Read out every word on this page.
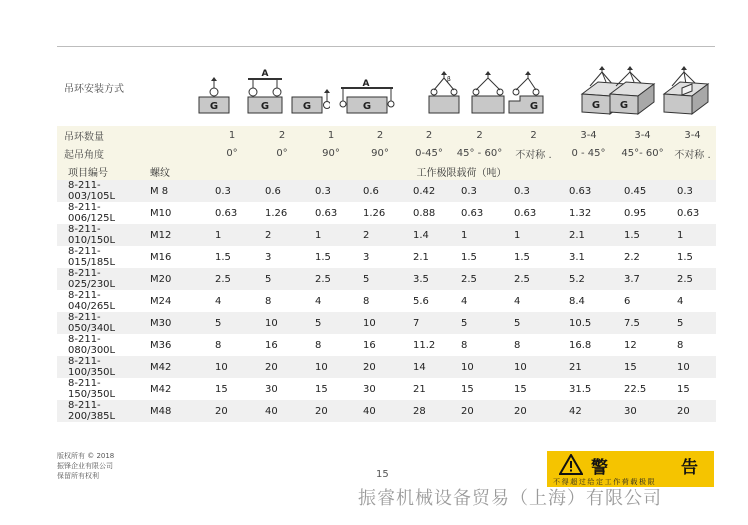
吊环安装方式
G
A
G	G
A
G
β
G	G G
吊环数量		1	2	1	2	2	2	2	3-4	3-4	3-4
起吊角度		0°	0°	90°	90°	0-45°	45° - 60°	不对称 .	0 - 45°	45°- 60°	不对称 .
项目编号	螺纹	工作极限载荷（吨）									
8-211-003/105L	M 8	0.3	0.6	0.3	0.6	0.42	0.3	0.3	0.63	0.45	0.3
8-211-006/125L	M10	0.63	1.26	0.63	1.26	0.88	0.63	0.63	1.32	0.95	0.63
8-211-010/150L	M12	1	2	1	2	1.4	1	1	2.1	1.5	1
8-211-015/185L	M16	1.5	3	1.5	3	2.1	1.5	1.5	3.1	2.2	1.5
8-211-025/230L	M20	2.5	5	2.5	5	3.5	2.5	2.5	5.2	3.7	2.5
8-211-040/265L	M24	4	8	4	8	5.6	4	4	8.4	6	4
8-211-050/340L	M30	5	10	5	10	7	5	5	10.5	7.5	5
8-211-080/300L	M36	8	16	8	16	11.2	8	8	16.8	12	8
8-211-100/350L	M42	10	20	10	20	14	10	10	21	15	10
8-211-150/350L	M42	15	30	15	30	21	15	15	31.5	22.5	15
8-211-200/385L	M48	20	40	20	40	28	20	20	42	30	20
版权所有 © 2018
振锋企业有限公司
保留所有权利	15	警	告
不得超过给定工作荷载极限
振睿机械设备贸易（上海）有限公司
